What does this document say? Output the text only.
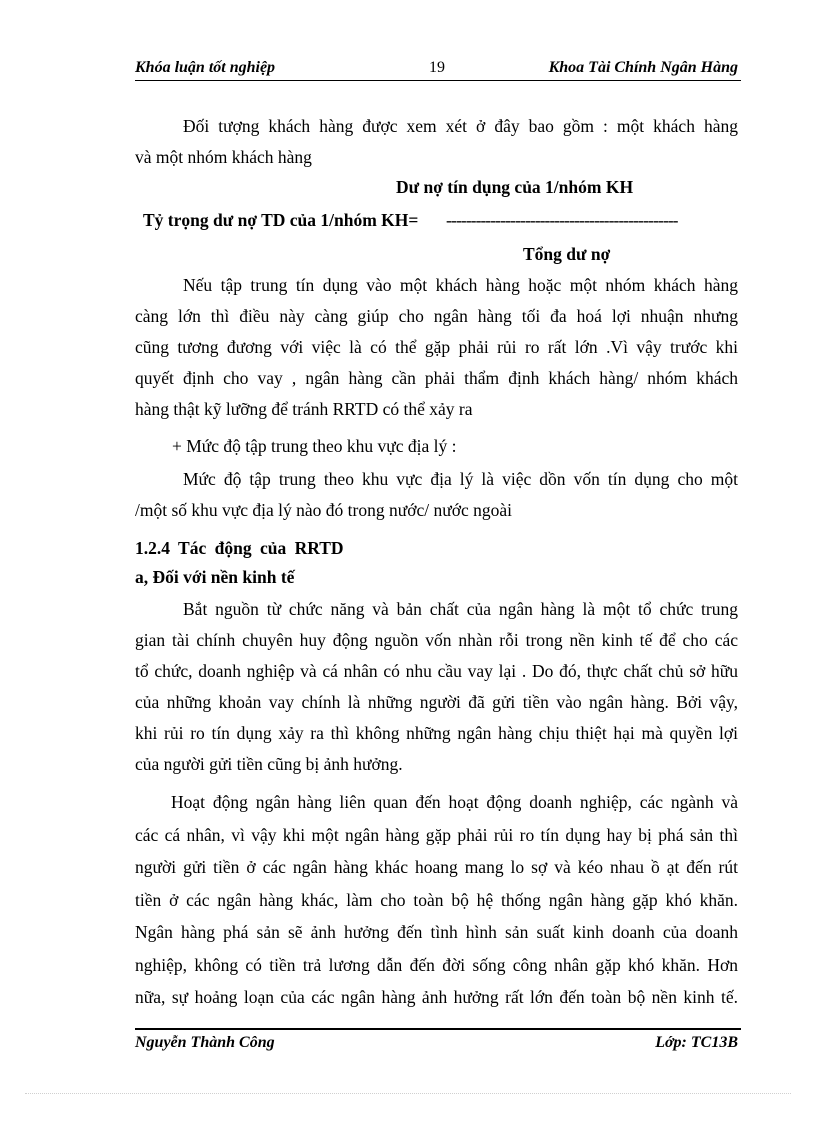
Khóa luận tốt nghiệp	19	Khoa Tài Chính Ngân Hàng
Đối tượng khách hàng được xem xét ở đây bao gồm : một khách hàng
và một nhóm khách hàng
Dư nợ tín dụng của 1/nhóm KH
Tỷ trọng dư nợ TD của 1/nhóm KH= -----------------------------------------------
Tổng dư nợ
Nếu tập trung tín dụng vào một khách hàng hoặc một nhóm khách hàng
càng lớn thì điều này càng giúp cho ngân hàng tối đa hoá lợi nhuận nhưng
cũng tương đương với việc là có thể gặp phải rủi ro rất lớn .Vì vậy trước khi
quyết định cho vay , ngân hàng cần phải thẩm định khách hàng/ nhóm khách
hàng thật kỹ lưỡng để tránh RRTD có thể xảy ra
+ Mức độ tập trung theo khu vực địa lý :
Mức độ tập trung theo khu vực địa lý là việc dồn vốn tín dụng cho một
/một số khu vực địa lý nào đó trong nước/ nước ngoài
1.2.4 Tác động của RRTD
a, Đối với nền kinh tế
Bắt nguồn từ chức năng và bản chất của ngân hàng là một tổ chức trung
gian tài chính chuyên huy động nguồn vốn nhàn rỗi trong nền kinh tế để cho các
tổ chức, doanh nghiệp và cá nhân có nhu cầu vay lại . Do đó, thực chất chủ sở hữu
của những khoản vay chính là những người đã gửi tiền vào ngân hàng. Bởi vậy,
khi rủi ro tín dụng xảy ra thì không những ngân hàng chịu thiệt hại mà quyền lợi
của người gửi tiền cũng bị ảnh hưởng.
Hoạt động ngân hàng liên quan đến hoạt động doanh nghiệp, các ngành và
các cá nhân, vì vậy khi một ngân hàng gặp phải rủi ro tín dụng hay bị phá sản thì
người gửi tiền ở các ngân hàng khác hoang mang lo sợ và kéo nhau ồ ạt đến rút
tiền ở các ngân hàng khác, làm cho toàn bộ hệ thống ngân hàng gặp khó khăn.
Ngân hàng phá sản sẽ ảnh hưởng đến tình hình sản suất kinh doanh của doanh
nghiệp, không có tiền trả lương dẫn đến đời sống công nhân gặp khó khăn. Hơn
nữa, sự hoảng loạn của các ngân hàng ảnh hưởng rất lớn đến toàn bộ nền kinh tế.
Nguyễn Thành Công	Lớp: TC13B
